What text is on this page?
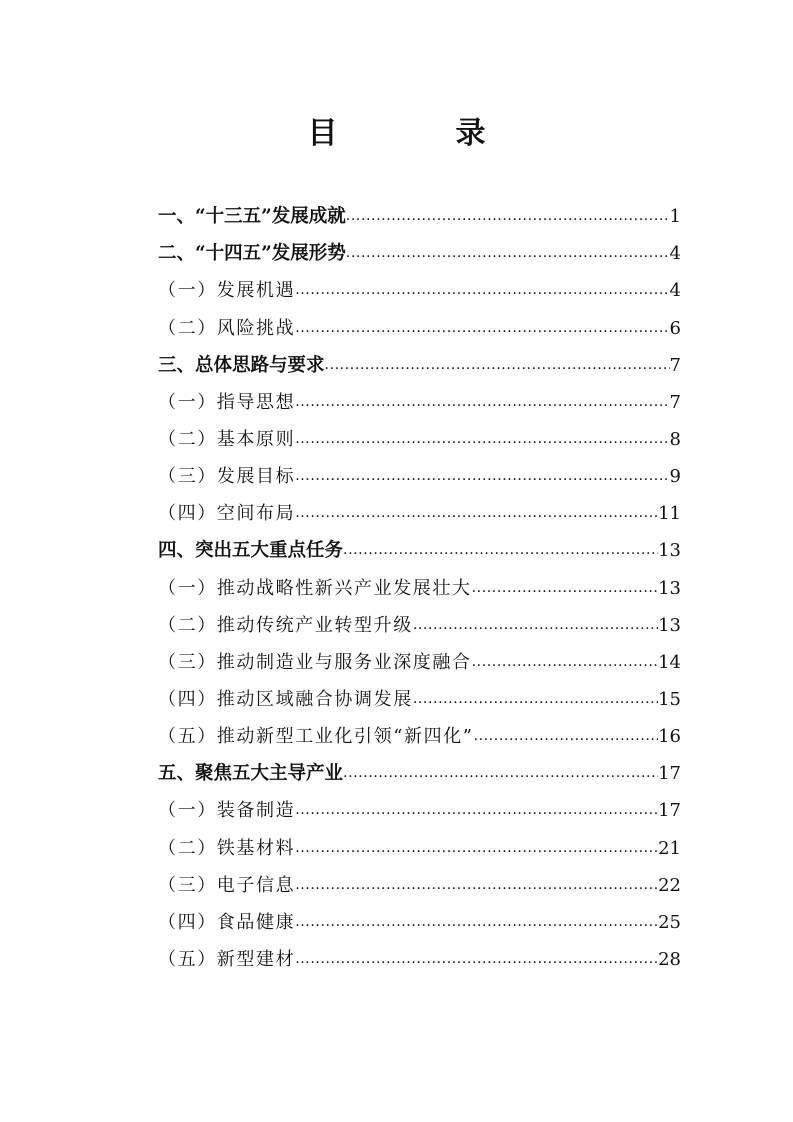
目　录
一、“十三五”发展成就 .....	1
二、“十四五”发展形势 .....	4
（一）发展机遇 .....	4
（二）风险挑战 .....	6
三、总体思路与要求 .....	7
（一）指导思想 .....	7
（二）基本原则 .....	8
（三）发展目标 .....	9
（四）空间布局 .....	11
四、突出五大重点任务 .....	13
（一）推动战略性新兴产业发展壮大 .....	13
（二）推动传统产业转型升级 .....	13
（三）推动制造业与服务业深度融合 .....	14
（四）推动区域融合协调发展 .....	15
（五）推动新型工业化引领“新四化” .....	16
五、聚焦五大主导产业 .....	17
（一）装备制造 .....	17
（二）铁基材料 .....	21
（三）电子信息 .....	22
（四）食品健康 .....	25
（五）新型建材 .....	28
